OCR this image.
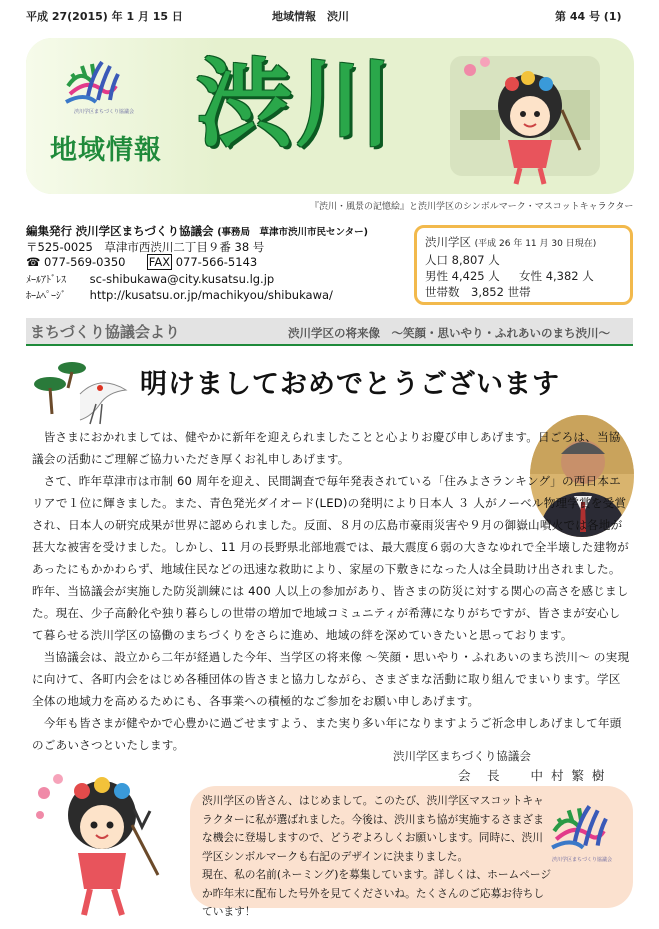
平成 27(2015) 年 1 月 15 日	地域情報　渋川	第 44 号 (1)
渋川学区まちづくり協議会
地域情報 渋川
『渋川・風景の記憶絵』と渋川学区のシンボルマーク・マスコットキャラクター
編集発行 渋川学区まちづくり協議会 (事務局　草津市渋川市民センター)
〒525-0025　草津市西渋川二丁目９番 38 号
☎ 077-569-0350 FAX 077-566-5143
ﾒｰﾙｱﾄﾞﾚｽ sc-shibukawa@city.kusatsu.lg.jp
ﾎｰﾑﾍﾟｰｼﾞ http://kusatsu.or.jp/machikyou/shibukawa/
渋川学区 (平成 26 年 11 月 30 日現在)
人口 8,807 人
男性 4,425 人 女性 4,382 人
世帯数　3,852 世帯
まちづくり協議会より	渋川学区の将来像　～笑顔・思いやり・ふれあいのまち渋川～
明けましておめでとうございます

皆さまにおかれましては、健やかに新年を迎えられましたことと心よりお慶び申しあげます。日ごろは、当協議会の活動にご理解ご協力いただき厚くお礼申しあげます。

さて、昨年草津市は市制 60 周年を迎え、民間調査で毎年発表されている「住みよさランキング」の西日本エリアで１位に輝きました。また、青色発光ダイオード(LED)の発明により日本人 ３ 人がノーベル物理学賞を受賞され、日本人の研究成果が世界に認められました。反面、８月の広島市豪雨災害や９月の御嶽山噴火では各地が甚大な被害を受けました。しかし、11 月の長野県北部地震では、最大震度６弱の大きなゆれで全半壊した建物があったにもかかわらず、地域住民などの迅速な救助により、家屋の下敷きになった人は全員助け出されました。昨年、当協議会が実施した防災訓練には 400 人以上の参加があり、皆さまの防災に対する関心の高さを感じました。現在、少子高齢化や独り暮らしの世帯の増加で地域コミュニティが希薄になりがちですが、皆さまが安心して暮らせる渋川学区の協働のまちづくりをさらに進め、地域の絆を深めていきたいと思っております。

当協議会は、設立から二年が経過した今年、当学区の将来像 ～笑顔・思いやり・ふれあいのまち渋川～ の実現に向けて、各町内会をはじめ各種団体の皆さまと協力しながら、さまざまな活動に取り組んでまいります。学区全体の地域力を高めるためにも、各事業への積極的なご参加をお願い申しあげます。

今年も皆さまが健やかで心豊かに過ごせますよう、また実り多い年になりますようご祈念申しあげまして年頭のごあいさつといたします。

渋川学区まちづくり協議会
会　長　　中 村 繁 樹

渋川学区の皆さん、はじめまして。このたび、渋川学区マスコットキャラクターに私が選ばれました。今後は、渋川まち協が実施するさまざまな機会に登場しますので、どうぞよろしくお願いします。同時に、渋川学区シンボルマークも右記のデザインに決まりました。

現在、私の名前(ネーミング)を募集しています。詳しくは、ホームページか昨年末に配布した号外を見てくださいね。たくさんのご応募お待ちしています！

渋川学区まちづくり協議会
